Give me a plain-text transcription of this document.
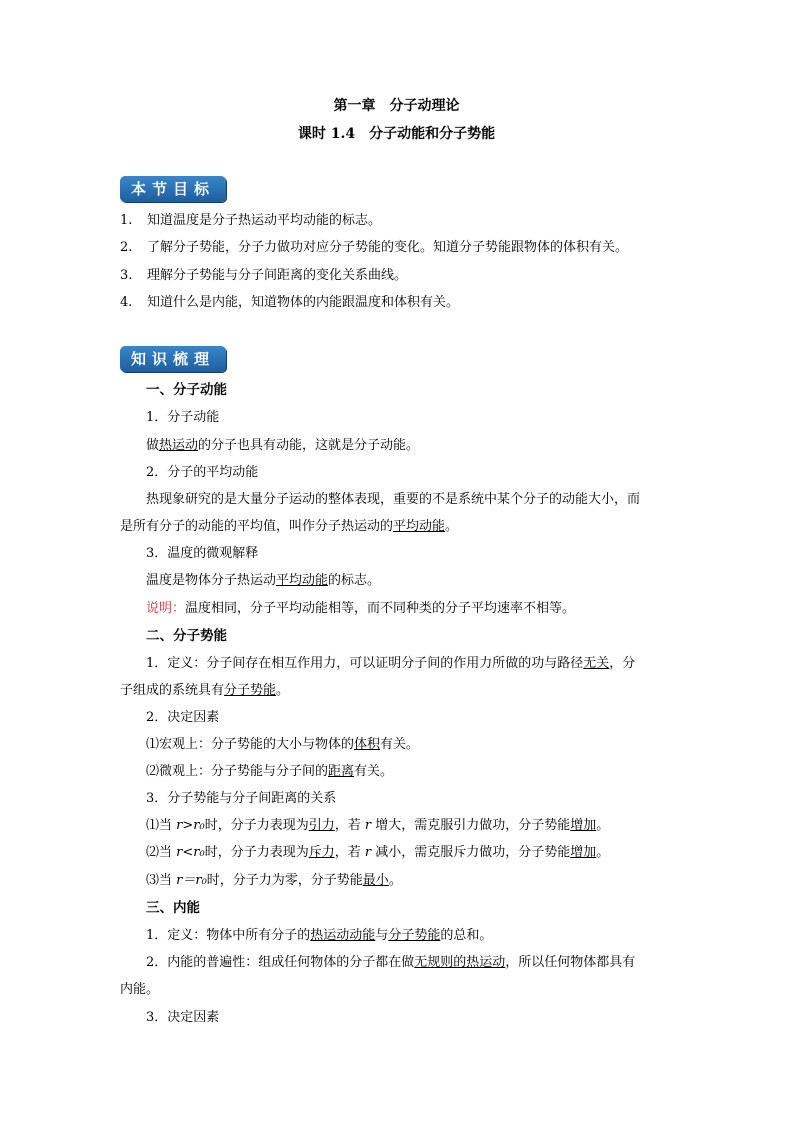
第一章　分子动理论
课时 1.4　分子动能和分子势能
本节目标
1. 知道温度是分子热运动平均动能的标志。
2. 了解分子势能，分子力做功对应分子势能的变化。知道分子势能跟物体的体积有关。
3. 理解分子势能与分子间距离的变化关系曲线。
4. 知道什么是内能，知道物体的内能跟温度和体积有关。
知识梳理
一、分子动能
1．分子动能
做热运动的分子也具有动能，这就是分子动能。
2．分子的平均动能
热现象研究的是大量分子运动的整体表现，重要的不是系统中某个分子的动能大小，而
是所有分子的动能的平均值，叫作分子热运动的平均动能。
3．温度的微观解释
温度是物体分子热运动平均动能的标志。
说明：温度相同，分子平均动能相等，而不同种类的分子平均速率不相等。
二、分子势能
1．定义：分子间存在相互作用力，可以证明分子间的作用力所做的功与路径无关，分
子组成的系统具有分子势能。
2．决定因素
⑴宏观上：分子势能的大小与物体的体积有关。
⑵微观上：分子势能与分子间的距离有关。
3．分子势能与分子间距离的关系
⑴当 r>r₀时，分子力表现为引力，若 r 增大，需克服引力做功，分子势能增加。
⑵当 r<r₀时，分子力表现为斥力，若 r 减小，需克服斥力做功，分子势能增加。
⑶当 r＝r₀时，分子力为零，分子势能最小。
三、内能
1．定义：物体中所有分子的热运动动能与分子势能的总和。
2．内能的普遍性：组成任何物体的分子都在做无规则的热运动，所以任何物体都具有
内能。
3．决定因素
